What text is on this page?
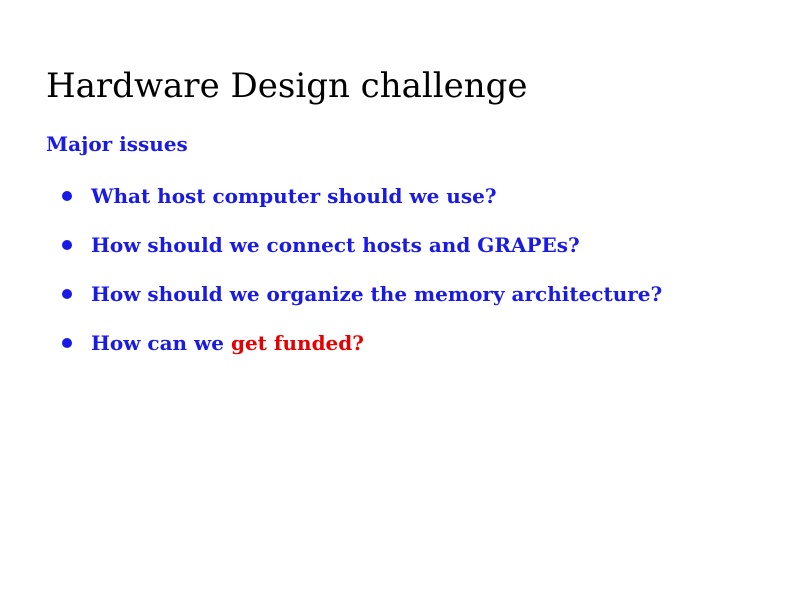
Hardware Design challenge
Major issues
What host computer should we use?
How should we connect hosts and GRAPEs?
How should we organize the memory architecture?
How can we get funded?
